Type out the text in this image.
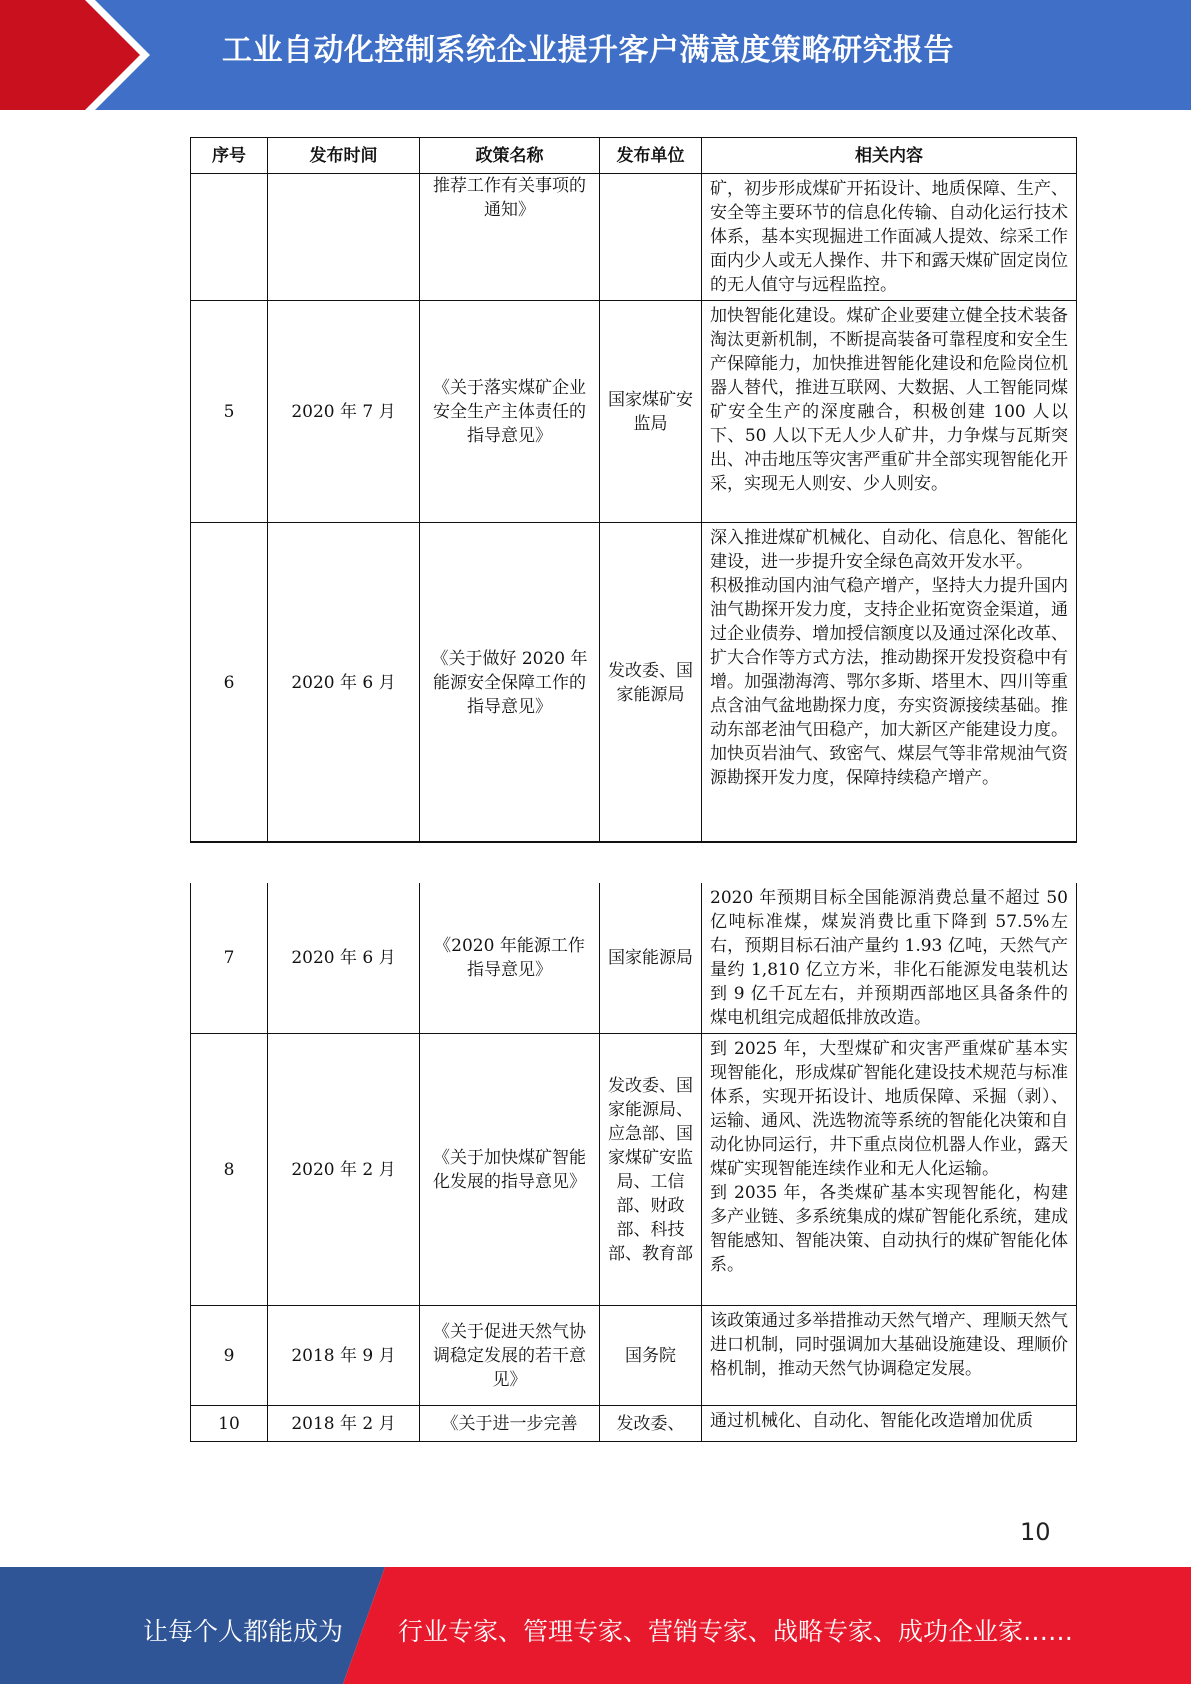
工业自动化控制系统企业提升客户满意度策略研究报告
序号	发布时间	政策名称	发布单位	相关内容
		推荐工作有关事项的通知》		矿，初步形成煤矿开拓设计、地质保障、生产、安全等主要环节的信息化传输、自动化运行技术体系，基本实现掘进工作面减人提效、综采工作面内少人或无人操作、井下和露天煤矿固定岗位的无人值守与远程监控。

5	2020 年 7 月	《关于落实煤矿企业安全生产主体责任的指导意见》	国家煤矿安监局	加快智能化建设。煤矿企业要建立健全技术装备淘汰更新机制，不断提高装备可靠程度和安全生产保障能力，加快推进智能化建设和危险岗位机器人替代，推进互联网、大数据、人工智能同煤矿安全生产的深度融合，积极创建 100 人以下、50 人以下无人少人矿井，力争煤与瓦斯突出、冲击地压等灾害严重矿井全部实现智能化开采，实现无人则安、少人则安。

6	2020 年 6 月	《关于做好 2020 年能源安全保障工作的指导意见》	发改委、国家能源局	深入推进煤矿机械化、自动化、信息化、智能化建设，进一步提升安全绿色高效开发水平。
积极推动国内油气稳产增产，坚持大力提升国内油气勘探开发力度，支持企业拓宽资金渠道，通过企业债券、增加授信额度以及通过深化改革、扩大合作等方式方法，推动勘探开发投资稳中有增。加强渤海湾、鄂尔多斯、塔里木、四川等重点含油气盆地勘探力度，夯实资源接续基础。推动东部老油气田稳产，加大新区产能建设力度。加快页岩油气、致密气、煤层气等非常规油气资源勘探开发力度，保障持续稳产增产。
7	2020 年 6 月	《2020 年能源工作指导意见》	国家能源局	2020 年预期目标全国能源消费总量不超过 50 亿吨标准煤，煤炭消费比重下降到 57.5%左右，预期目标石油产量约 1.93 亿吨，天然气产量约 1,810 亿立方米，非化石能源发电装机达到 9 亿千瓦左右，并预期西部地区具备条件的煤电机组完成超低排放改造。

8	2020 年 2 月	《关于加快煤矿智能化发展的指导意见》	发改委、国家能源局、应急部、国家煤矿安监局、工信部、财政部、科技部、教育部	到 2025 年，大型煤矿和灾害严重煤矿基本实现智能化，形成煤矿智能化建设技术规范与标准体系，实现开拓设计、地质保障、采掘（剥）、运输、通风、洗选物流等系统的智能化决策和自动化协同运行，井下重点岗位机器人作业，露天煤矿实现智能连续作业和无人化运输。
到 2035 年，各类煤矿基本实现智能化，构建多产业链、多系统集成的煤矿智能化系统，建成智能感知、智能决策、自动执行的煤矿智能化体系。

9	2018 年 9 月	《关于促进天然气协调稳定发展的若干意见》	国务院	该政策通过多举措推动天然气增产、理顺天然气进口机制，同时强调加大基础设施建设、理顺价格机制，推动天然气协调稳定发展。

10	2018 年 2 月	《关于进一步完善	发改委、	通过机械化、自动化、智能化改造增加优质
10
让每个人都能成为 行业专家、管理专家、营销专家、战略专家、成功企业家……
